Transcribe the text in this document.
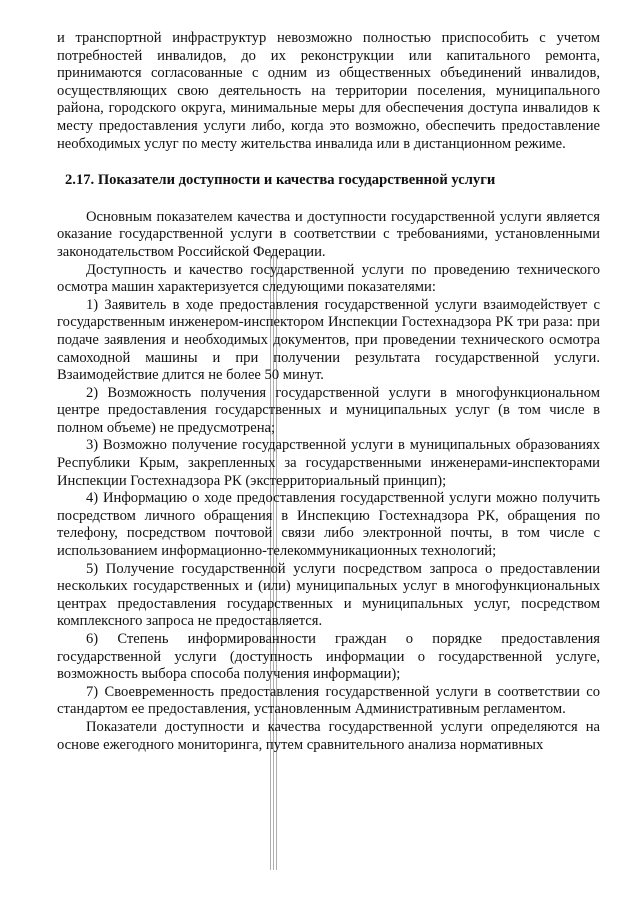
и транспортной инфраструктур невозможно полностью приспособить с учетом потребностей инвалидов, до их реконструкции или капитального ремонта, принимаются согласованные с одним из общественных объединений инвалидов, осуществляющих свою деятельность на территории поселения, муниципального района, городского округа, минимальные меры для обеспечения доступа инвалидов к месту предоставления услуги либо, когда это возможно, обеспечить предоставление необходимых услуг по месту жительства инвалида или в дистанционном режиме.

2.17. Показатели доступности и качества государственной услуги

Основным показателем качества и доступности государственной услуги является оказание государственной услуги в соответствии с требованиями, установленными законодательством Российской Федерации.

Доступность и качество государственной услуги по проведению технического осмотра машин характеризуется следующими показателями:

1) Заявитель в ходе предоставления государственной услуги взаимодействует с государственным инженером-инспектором Инспекции Гостехнадзора РК три раза: при подаче заявления и необходимых документов, при проведении технического осмотра самоходной машины и при получении результата государственной услуги. Взаимодействие длится не более 50 минут.

2) Возможность получения государственной услуги в многофункциональном центре предоставления государственных и муниципальных услуг (в том числе в полном объеме) не предусмотрена;

3) Возможно получение государственной услуги в муниципальных образованиях Республики Крым, закрепленных за государственными инженерами-инспекторами Инспекции Гостехнадзора РК (экстерриториальный принцип);

4) Информацию о ходе предоставления государственной услуги можно получить посредством личного обращения в Инспекцию Гостехнадзора РК, обращения по телефону, посредством почтовой связи либо электронной почты, в том числе с использованием информационно-телекоммуникационных технологий;

5) Получение государственной услуги посредством запроса о предоставлении нескольких государственных и (или) муниципальных услуг в многофункциональных центрах предоставления государственных и муниципальных услуг, посредством комплексного запроса не предоставляется.

6) Степень информированности граждан о порядке предоставления государственной услуги (доступность информации о государственной услуге, возможность выбора способа получения информации);

7) Своевременность предоставления государственной услуги в соответствии со стандартом ее предоставления, установленным Административным регламентом.

Показатели доступности и качества государственной услуги определяются на основе ежегодного мониторинга, путем сравнительного анализа нормативных
